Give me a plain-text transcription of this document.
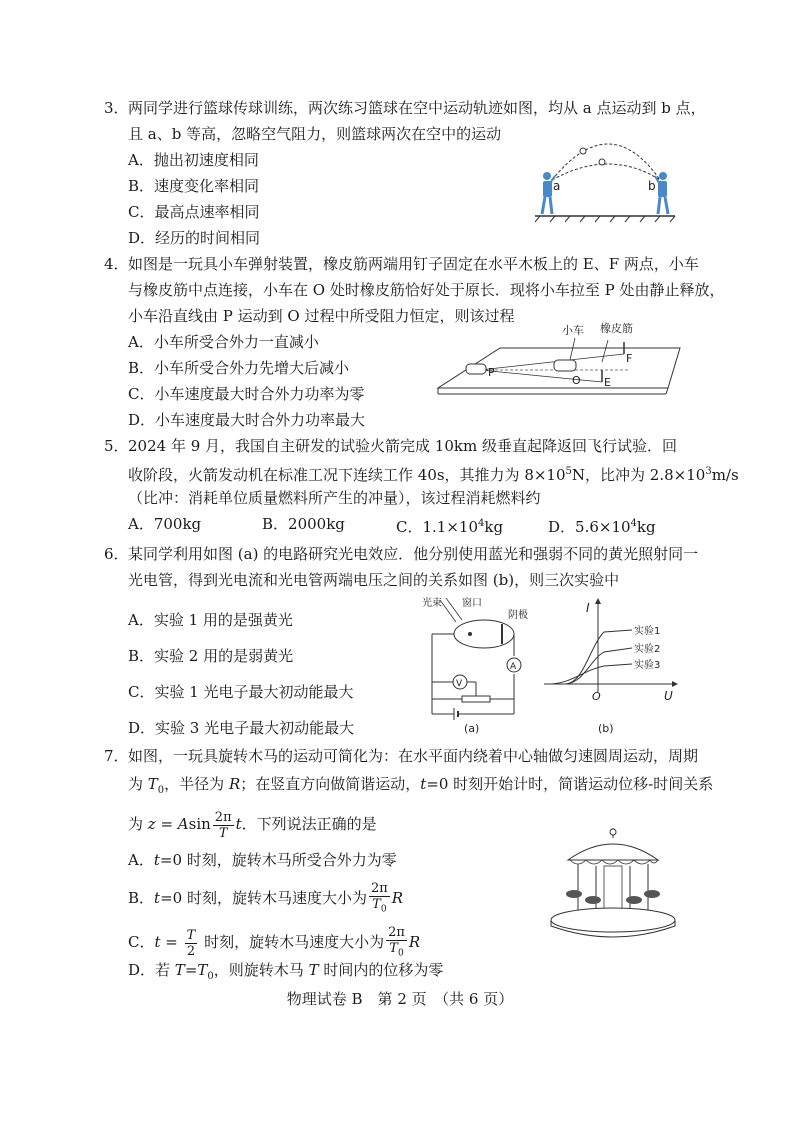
3． 两同学进行篮球传球训练，两次练习篮球在空中运动轨迹如图，均从 a 点运动到 b 点，
且 a、b 等高，忽略空气阻力，则篮球两次在空中的运动
A．抛出初速度相同
B．速度变化率相同
C．最高点速率相同
D．经历的时间相同
a	b
4． 如图是一玩具小车弹射装置，橡皮筋两端用钉子固定在水平木板上的 E、F 两点，小车
与橡皮筋中点连接，小车在 O 处时橡皮筋恰好处于原长．现将小车拉至 P 处由静止释放，
小车沿直线由 P 运动到 O 过程中所受阻力恒定，则该过程
A．小车所受合外力一直减小
B．小车所受合外力先增大后减小
C．小车速度最大时合外力功率为零
D．小车速度最大时合外力功率最大
小车 橡皮筋
P
O E
F
5． 2024 年 9 月，我国自主研发的试验火箭完成 10km 级垂直起降返回飞行试验．回
收阶段，火箭发动机在标准工况下连续工作 40s，其推力为 $8\times 10^5N$，比冲为 $2.8\times 10^3m/s$
（比冲：消耗单位质量燃料所产生的冲量），该过程消耗燃料约
A．700kg	B．2000kg	C．$1.1\times 10^4kg$	D．$5.6\times 10^4kg$
6． 某同学利用如图 (a) 的电路研究光电效应．他分别使用蓝光和强弱不同的黄光照射同一
光电管，得到光电流和光电管两端电压之间的关系如图 (b)，则三次实验中
A．实验 1 用的是强黄光
B．实验 2 用的是弱黄光
C．实验 1 光电子最大初动能最大
D．实验 3 光电子最大初动能最大
光束 窗口
阴极
A
V
(a)
I
U
O
实验1
实验2
实验3
(b)
7． 如图，一玩具旋转木马的运动可简化为：在水平面内绕着中心轴做匀速圆周运动，周期
为 $T_0$，半径为 R；在竖直方向做简谐运动，t=0 时刻开始计时，简谐运动位移-时间关系
为 z = Asin $\frac{2\pi}{T}$ t．下列说法正确的是
A．t=0 时刻，旋转木马所受合外力为零
B．t=0 时刻，旋转木马速度大小为 $\frac{2\pi}{T_0}$ R
C．$t = \frac{T}{2}$ 时刻，旋转木马速度大小为 $\frac{2\pi}{T_0}$ R
D．若 $T=T_0$，则旋转木马 T 时间内的位移为零
物理试卷 B　第 2 页　（共 6 页）
